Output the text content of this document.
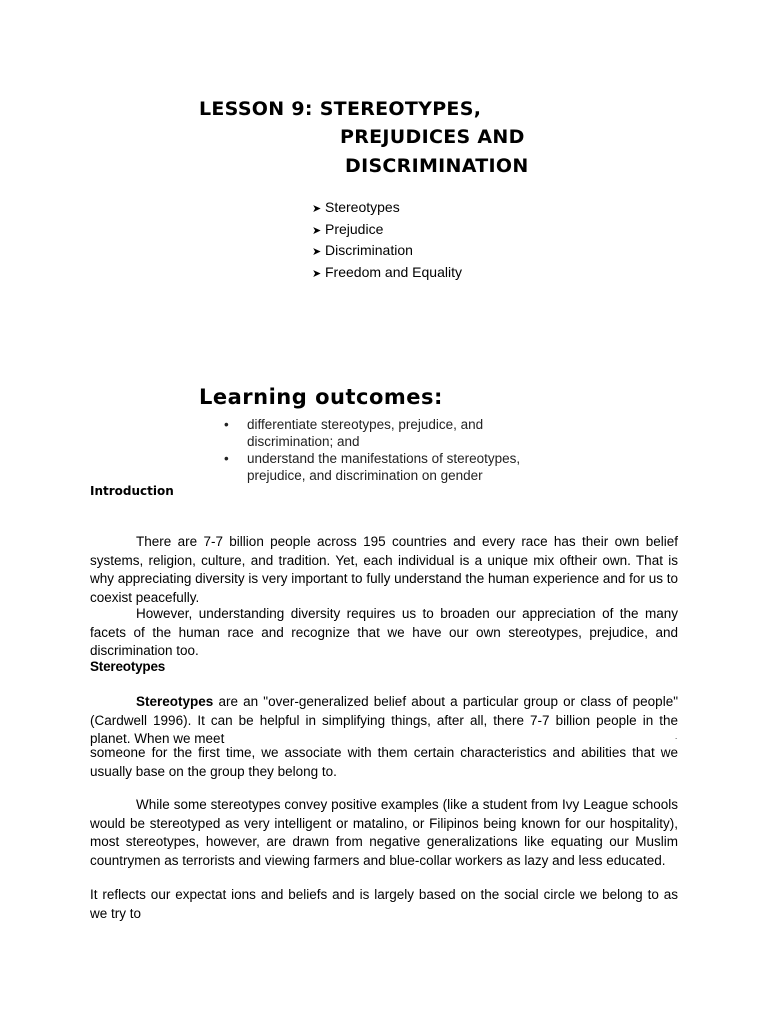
LESSON 9: STEREOTYPES,
PREJUDICES AND
DISCRIMINATION
➤ Stereotypes
➤ Prejudice
➤ Discrimination
➤ Freedom and Equality
Learning outcomes:
• differentiate stereotypes, prejudice, and discrimination; and
• understand the manifestations of stereotypes, prejudice, and discrimination on gender
Introduction
There are 7-7 billion people across 195 countries and every race has their own belief systems, religion, culture, and tradition. Yet, each individual is a unique mix oftheir own. That is why appreciating diversity is very important to fully understand the human experience and for us to coexist peacefully.
However, understanding diversity requires us to broaden our appreciation of the many facets of the human race and recognize that we have our own stereotypes, prejudice, and discrimination too.
Stereotypes
Stereotypes are an "over-generalized belief about a particular group or class of people"(Cardwell 1996). It can be helpful in simplifying things, after all, there 7-7 billion people in the planet. When we meet	.
someone for the first time, we associate with them certain characteristics and abilities that we usually base on the group they belong to.
While some stereotypes convey positive examples (like a student from Ivy League schools would be stereotyped as very intelligent or matalino, or Filipinos being known for our hospitality), most stereotypes, however, are drawn from negative generalizations like equating our Muslim countrymen as terrorists and viewing farmers and blue-collar workers as lazy and less educated.
It reflects our expectat ions and beliefs and is largely based on the social circle we belong to as we try to
